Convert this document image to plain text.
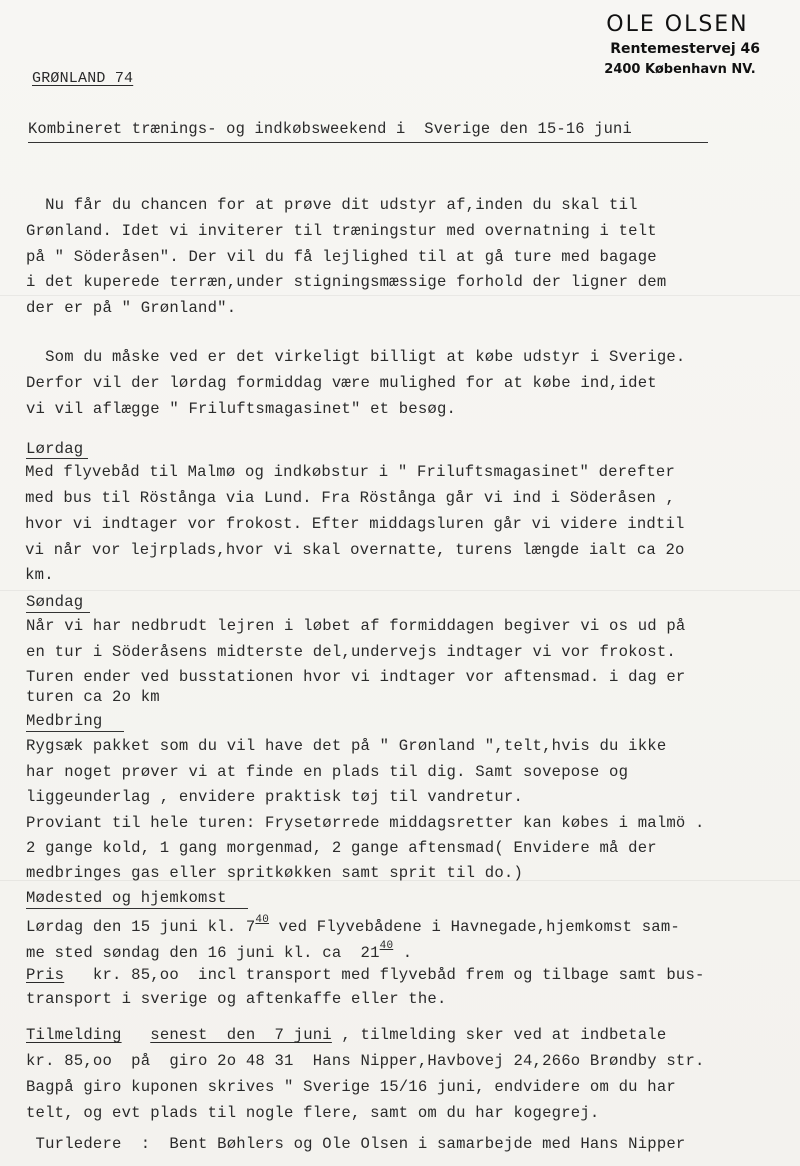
OLE OLSEN
Rentemestervej 46
2400 København NV.
GRØNLAND 74
Kombineret trænings- og indkøbsweekend i  Sverige den 15-16 juni
Nu får du chancen for at prøve dit udstyr af,inden du skal til
Grønland. Idet vi inviterer til træningstur med overnatning i telt
på " Söderåsen". Der vil du få lejlighed til at gå ture med bagage
i det kuperede terræn,under stigningsmæssige forhold der ligner dem
der er på " Grønland".
Som du måske ved er det virkeligt billigt at købe udstyr i Sverige.
Derfor vil der lørdag formiddag være mulighed for at købe ind,idet
vi vil aflægge " Friluftsmagasinet" et besøg.
Lørdag
Med flyvebåd til Malmø og indkøbstur i " Friluftsmagasinet" derefter
med bus til Röstånga via Lund. Fra Röstånga går vi ind i Söderåsen ,
hvor vi indtager vor frokost. Efter middagsluren går vi videre indtil
vi når vor lejrplads,hvor vi skal overnatte, turens længde ialt ca 2o
km.
Søndag
Når vi har nedbrudt lejren i løbet af formiddagen begiver vi os ud på
en tur i Söderåsens midterste del,undervejs indtager vi vor frokost.
Turen ender ved busstationen hvor vi indtager vor aftensmad. i dag er
turen ca 2o km
Medbring
Rygsæk pakket som du vil have det på " Grønland ",telt,hvis du ikke
har noget prøver vi at finde en plads til dig. Samt sovepose og
liggeunderlag , envidere praktisk tøj til vandretur.
Proviant til hele turen: Frysetørrede middagsretter kan købes i malmö .
2 gange kold, 1 gang morgenmad, 2 gange aftensmad( Envidere må der
medbringes gas eller spritkøkken samt sprit til do.)
Mødested og hjemkomst
Lørdag den 15 juni kl. $7^{40}$ ved Flyvebådene i Havnegade,hjemkomst sam-
me sted søndag den 16 juni kl. ca  $21^{40}$ .
Pris   kr. 85,oo  incl transport med flyvebåd frem og tilbage samt bus-
transport i sverige og aftenkaffe eller the.
Tilmelding senest  den  7 juni , tilmelding sker ved at indbetale
kr. 85,oo  på  giro 2o 48 31  Hans Nipper,Havbovej 24,266o Brøndby str.
Bagpå giro kuponen skrives " Sverige 15/16 juni, endvidere om du har
telt, og evt plads til nogle flere, samt om du har kogegrej.
Turledere  :  Bent Bøhlers og Ole Olsen i samarbejde med Hans Nipper
